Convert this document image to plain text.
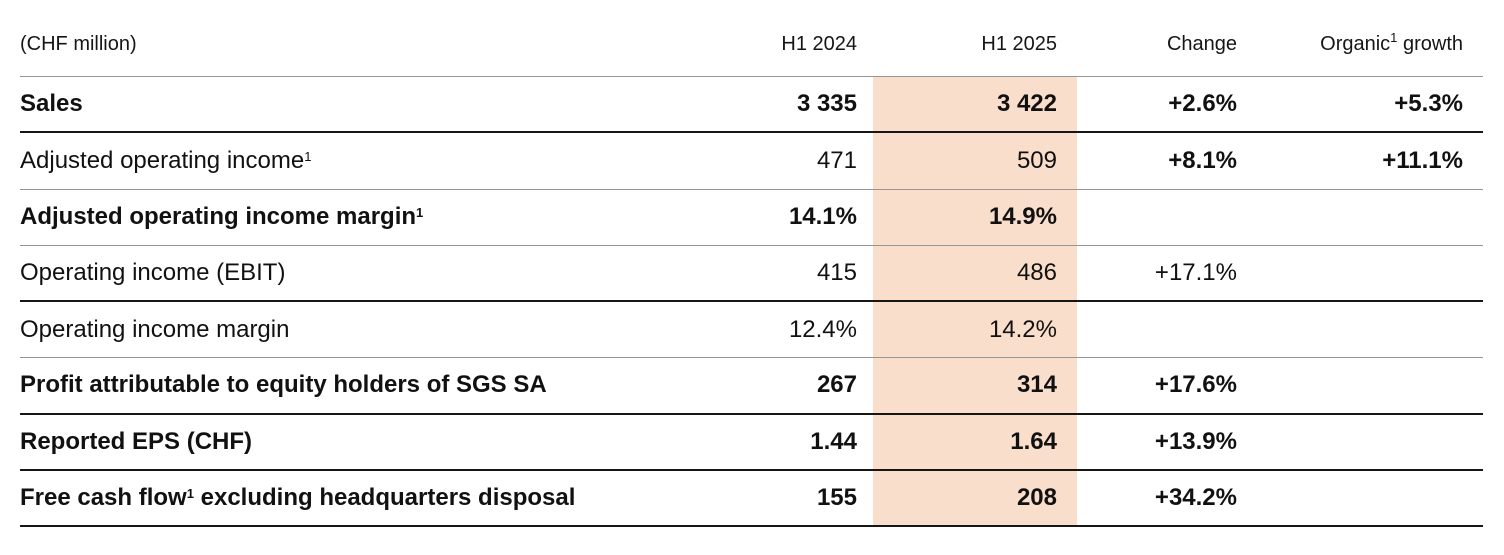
(CHF million)	H1 2024	H1 2025	Change	Organic$^1$ growth
Sales	3 335	3 422	+2.6%	+5.3%
Adjusted operating income$^1$	471	509	+8.1%	+11.1%
Adjusted operating income margin$^1$	14.1%	14.9%
Operating income (EBIT)	415	486	+17.1%
Operating income margin	12.4%	14.2%
Profit attributable to equity holders of SGS SA	267	314	+17.6%
Reported EPS (CHF)	1.44	1.64	+13.9%
Free cash flow$^1$ excluding headquarters disposal	155	208	+34.2%
